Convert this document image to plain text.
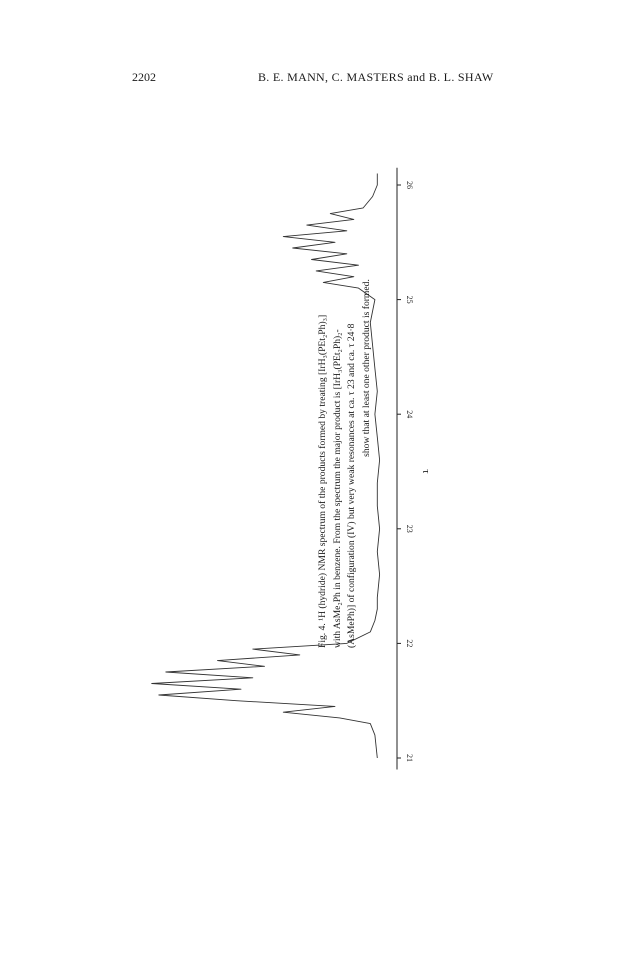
2202	B. E. MANN, C. MASTERS and B. L. SHAW
21
22
23
24
25
26
τ
Fig. 4. ¹H (hydride) NMR spectrum of the products formed by treating [IrH₃(PEt₂Ph)₃] with AsMe₂Ph in benzene. From the spectrum the major product is [IrH₃(PEt₂Ph)₂- (AsMePh)] of configuration (IV) but very weak resonances at ca. τ 23 and ca. τ 24·8 show that at least one other product is formed.
